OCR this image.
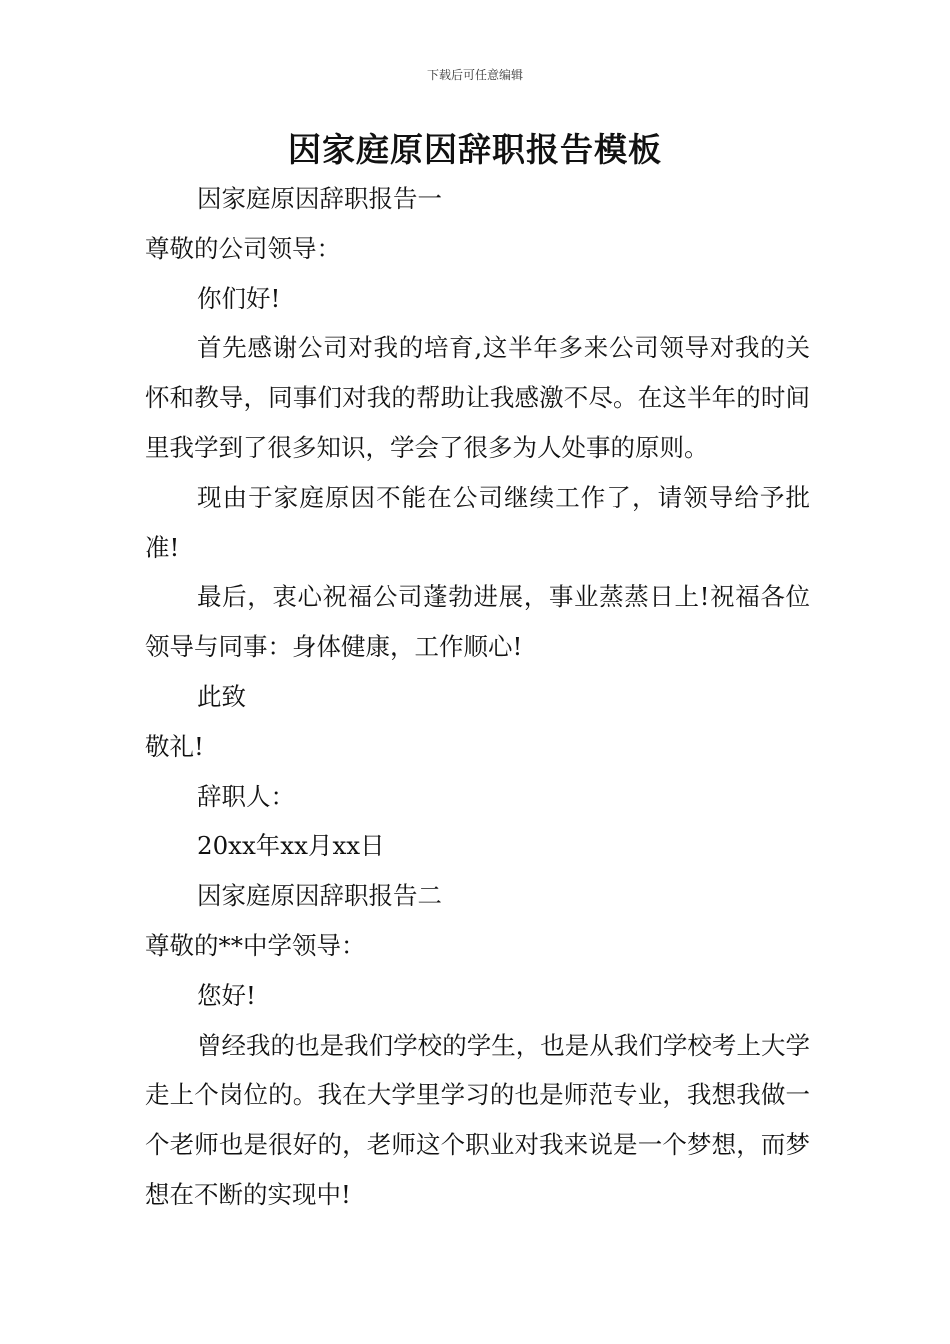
下载后可任意编辑
因家庭原因辞职报告模板

因家庭原因辞职报告一

尊敬的公司领导：

你们好!

首先感谢公司对我的培育,这半年多来公司领导对我的关怀和教导，同事们对我的帮助让我感激不尽。在这半年的时间里我学到了很多知识，学会了很多为人处事的原则。

现由于家庭原因不能在公司继续工作了，请领导给予批准!

最后，衷心祝福公司蓬勃进展，事业蒸蒸日上!祝福各位领导与同事：身体健康，工作顺心!

此致

敬礼!

辞职人：

20xx年xx月xx日

因家庭原因辞职报告二

尊敬的**中学领导：

您好!

曾经我的也是我们学校的学生，也是从我们学校考上大学走上个岗位的。我在大学里学习的也是师范专业，我想我做一个老师也是很好的，老师这个职业对我来说是一个梦想，而梦想在不断的实现中!
